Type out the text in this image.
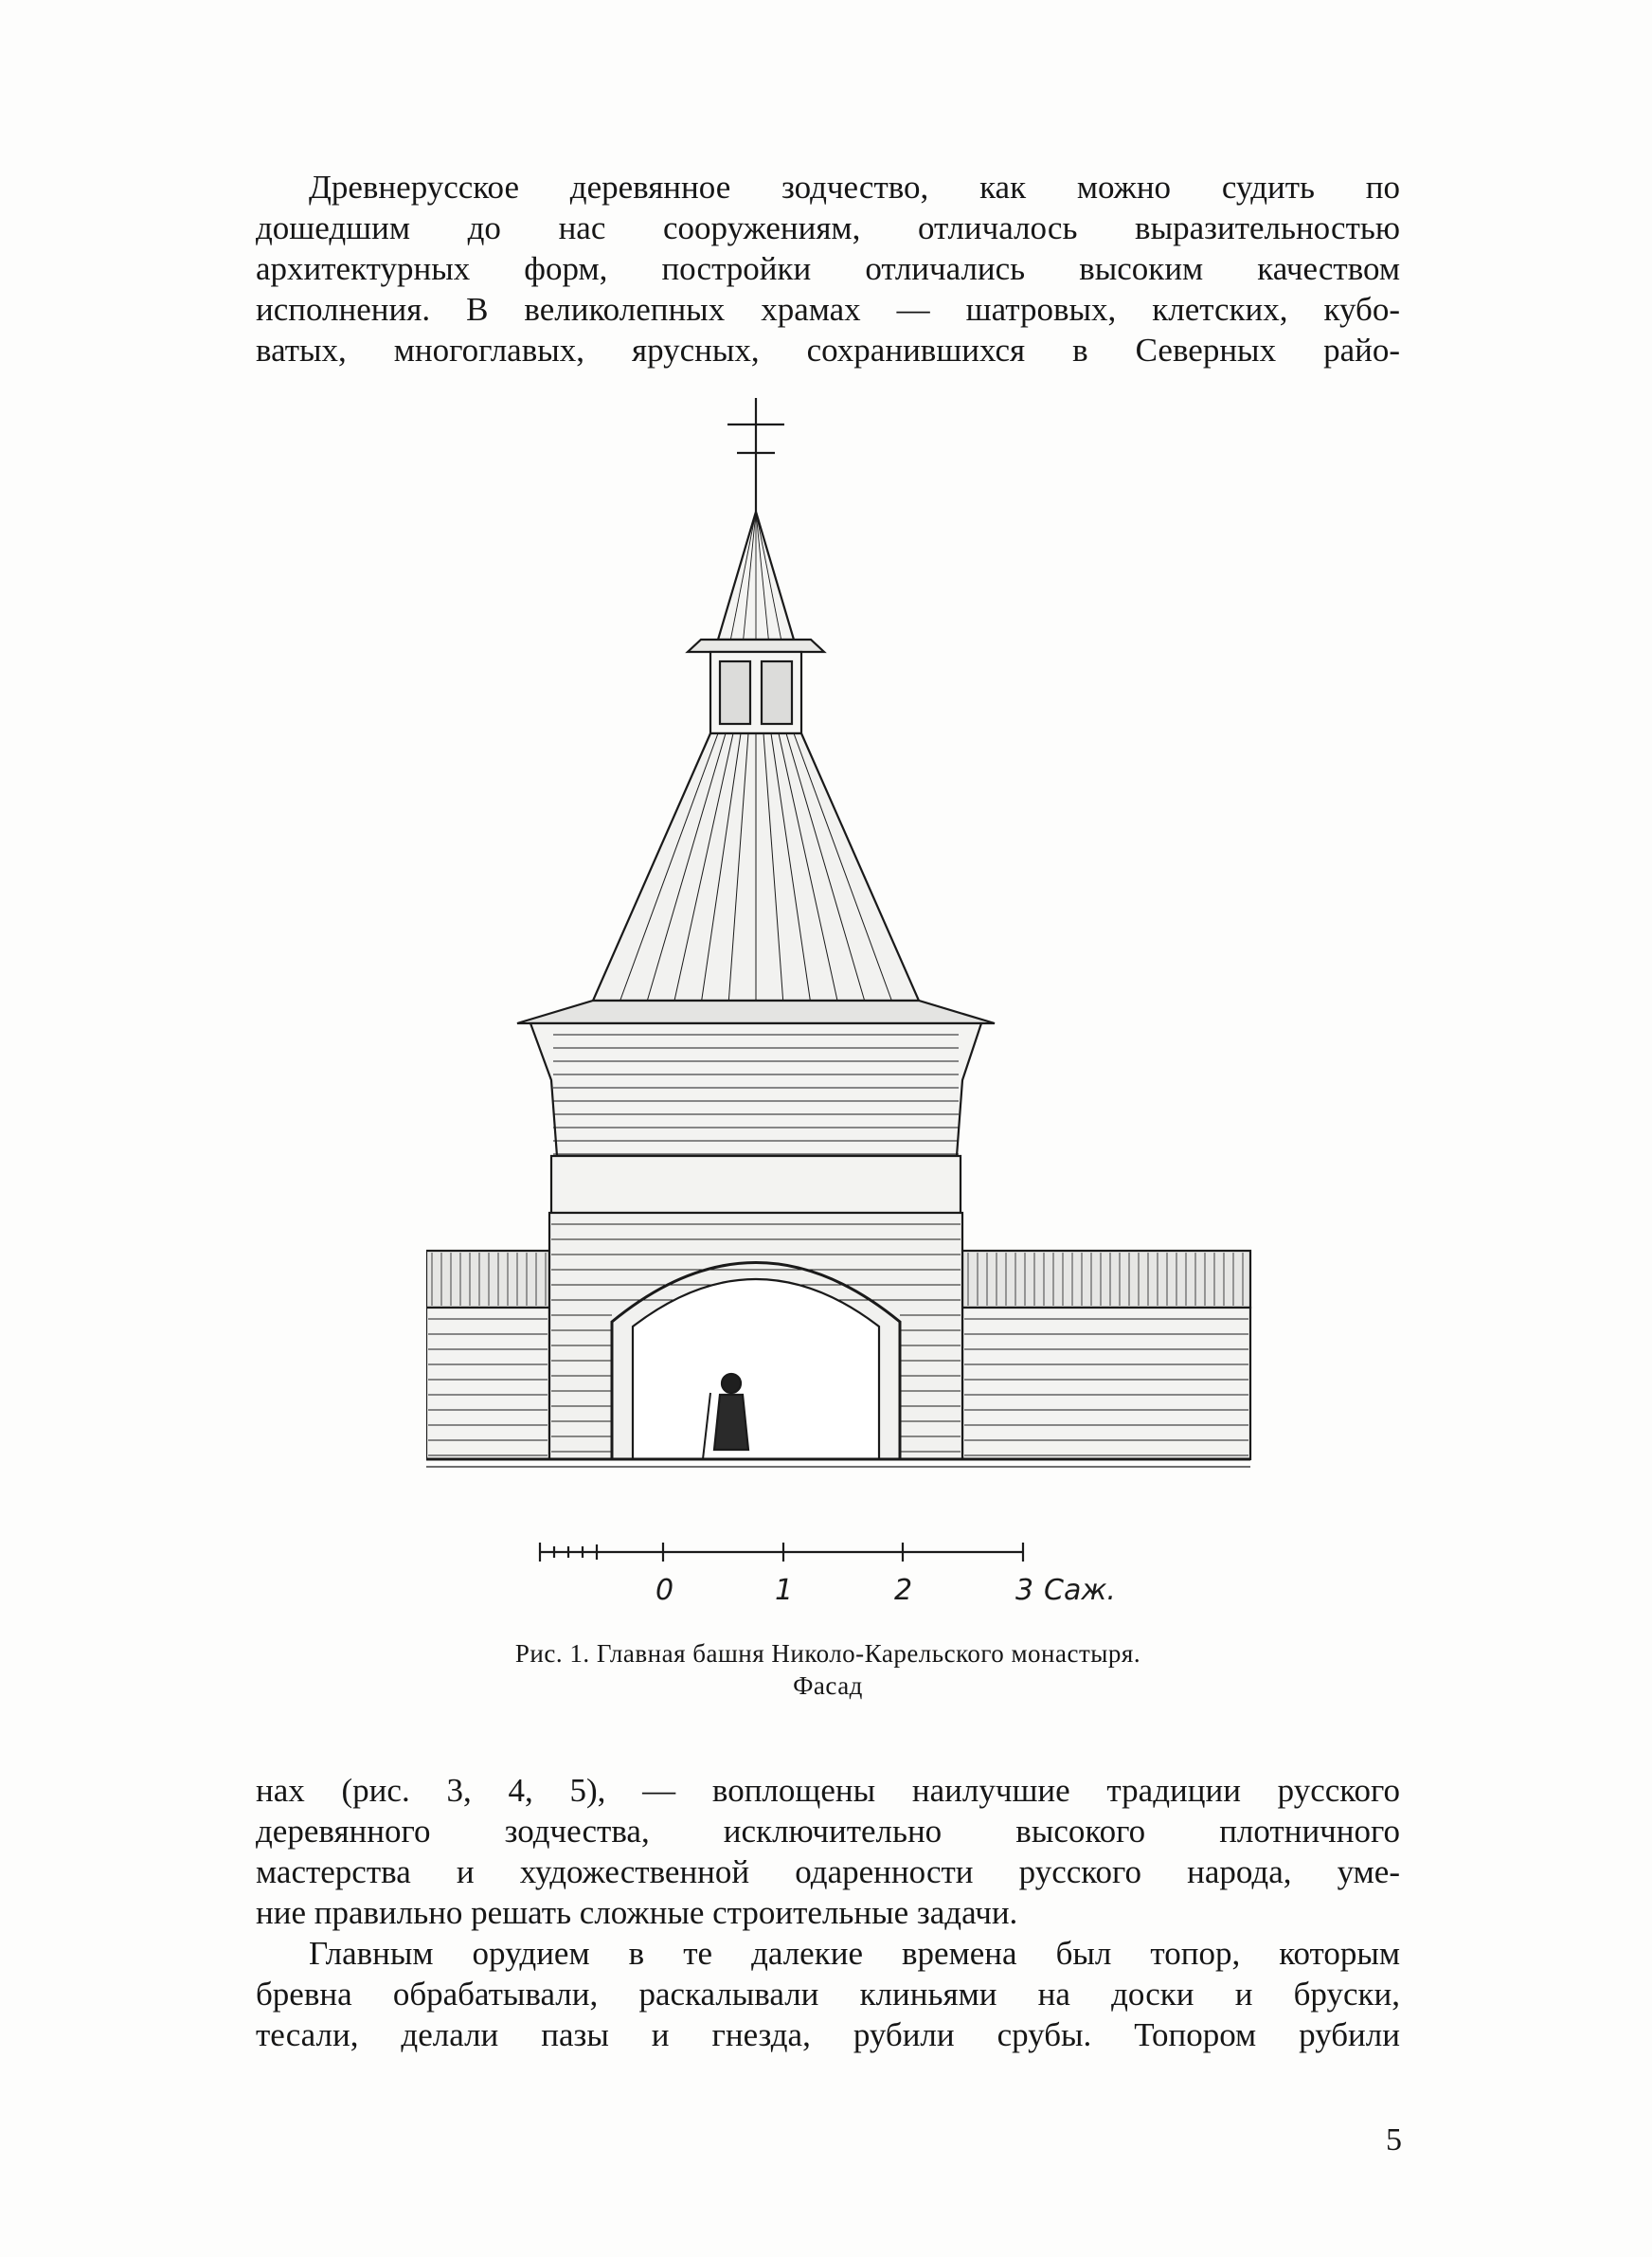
Древнерусское деревянное зодчество, как можно судить по
дошедшим до нас сооружениям, отличалось выразительностью
архитектурных форм, постройки отличались высоким качеством
исполнения. В великолепных храмах — шатровых, клетских, кубо-
ватых, многоглавых, ярусных, сохранившихся в Северных райо-

0	1	2	3 Саж.
Рис. 1. Главная башня Николо-Карельского монастыря.
Фасад

нах (рис. 3, 4, 5), — воплощены наилучшие традиции русского
деревянного зодчества, исключительно высокого плотничного
мастерства и художественной одаренности русского народа, уме-
ние правильно решать сложные строительные задачи.

Главным орудием в те далекие времена был топор, которым
бревна обрабатывали, раскалывали клиньями на доски и бруски,
тесали, делали пазы и гнезда, рубили срубы. Топором рубили

5
